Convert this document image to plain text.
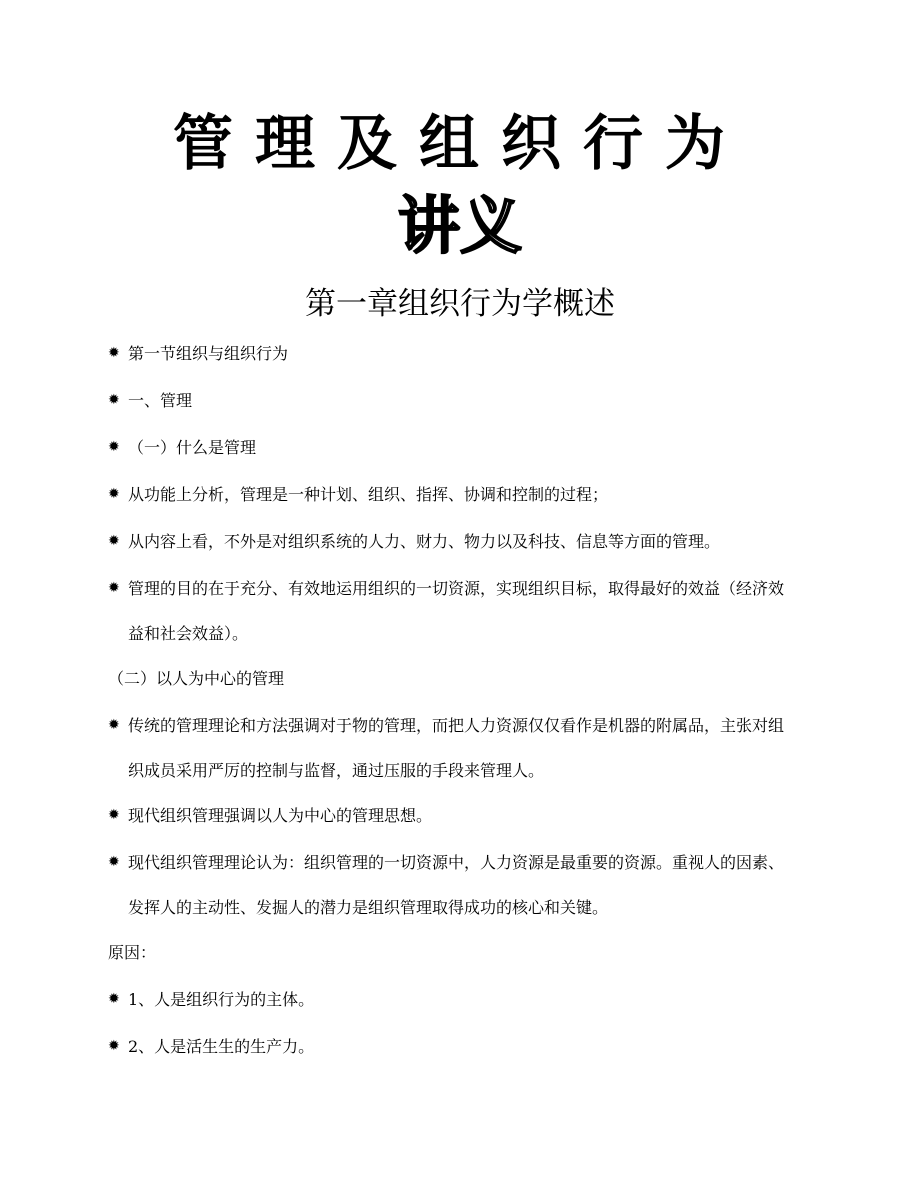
管理及组织行为
讲义
第一章组织行为学概述
✹ 第一节组织与组织行为
✹ 一、管理
✹ （一）什么是管理
✹ 从功能上分析，管理是一种计划、组织、指挥、协调和控制的过程；
✹ 从内容上看，不外是对组织系统的人力、财力、物力以及科技、信息等方面的管理。
✹ 管理的目的在于充分、有效地运用组织的一切资源，实现组织目标，取得最好的效益（经济效
益和社会效益）。
（二）以人为中心的管理
✹ 传统的管理理论和方法强调对于物的管理，而把人力资源仅仅看作是机器的附属品，主张对组
织成员采用严厉的控制与监督，通过压服的手段来管理人。
✹ 现代组织管理强调以人为中心的管理思想。
✹ 现代组织管理理论认为：组织管理的一切资源中，人力资源是最重要的资源。重视人的因素、
发挥人的主动性、发掘人的潜力是组织管理取得成功的核心和关键。
原因：
✹ 1、人是组织行为的主体。
✹ 2、人是活生生的生产力。
